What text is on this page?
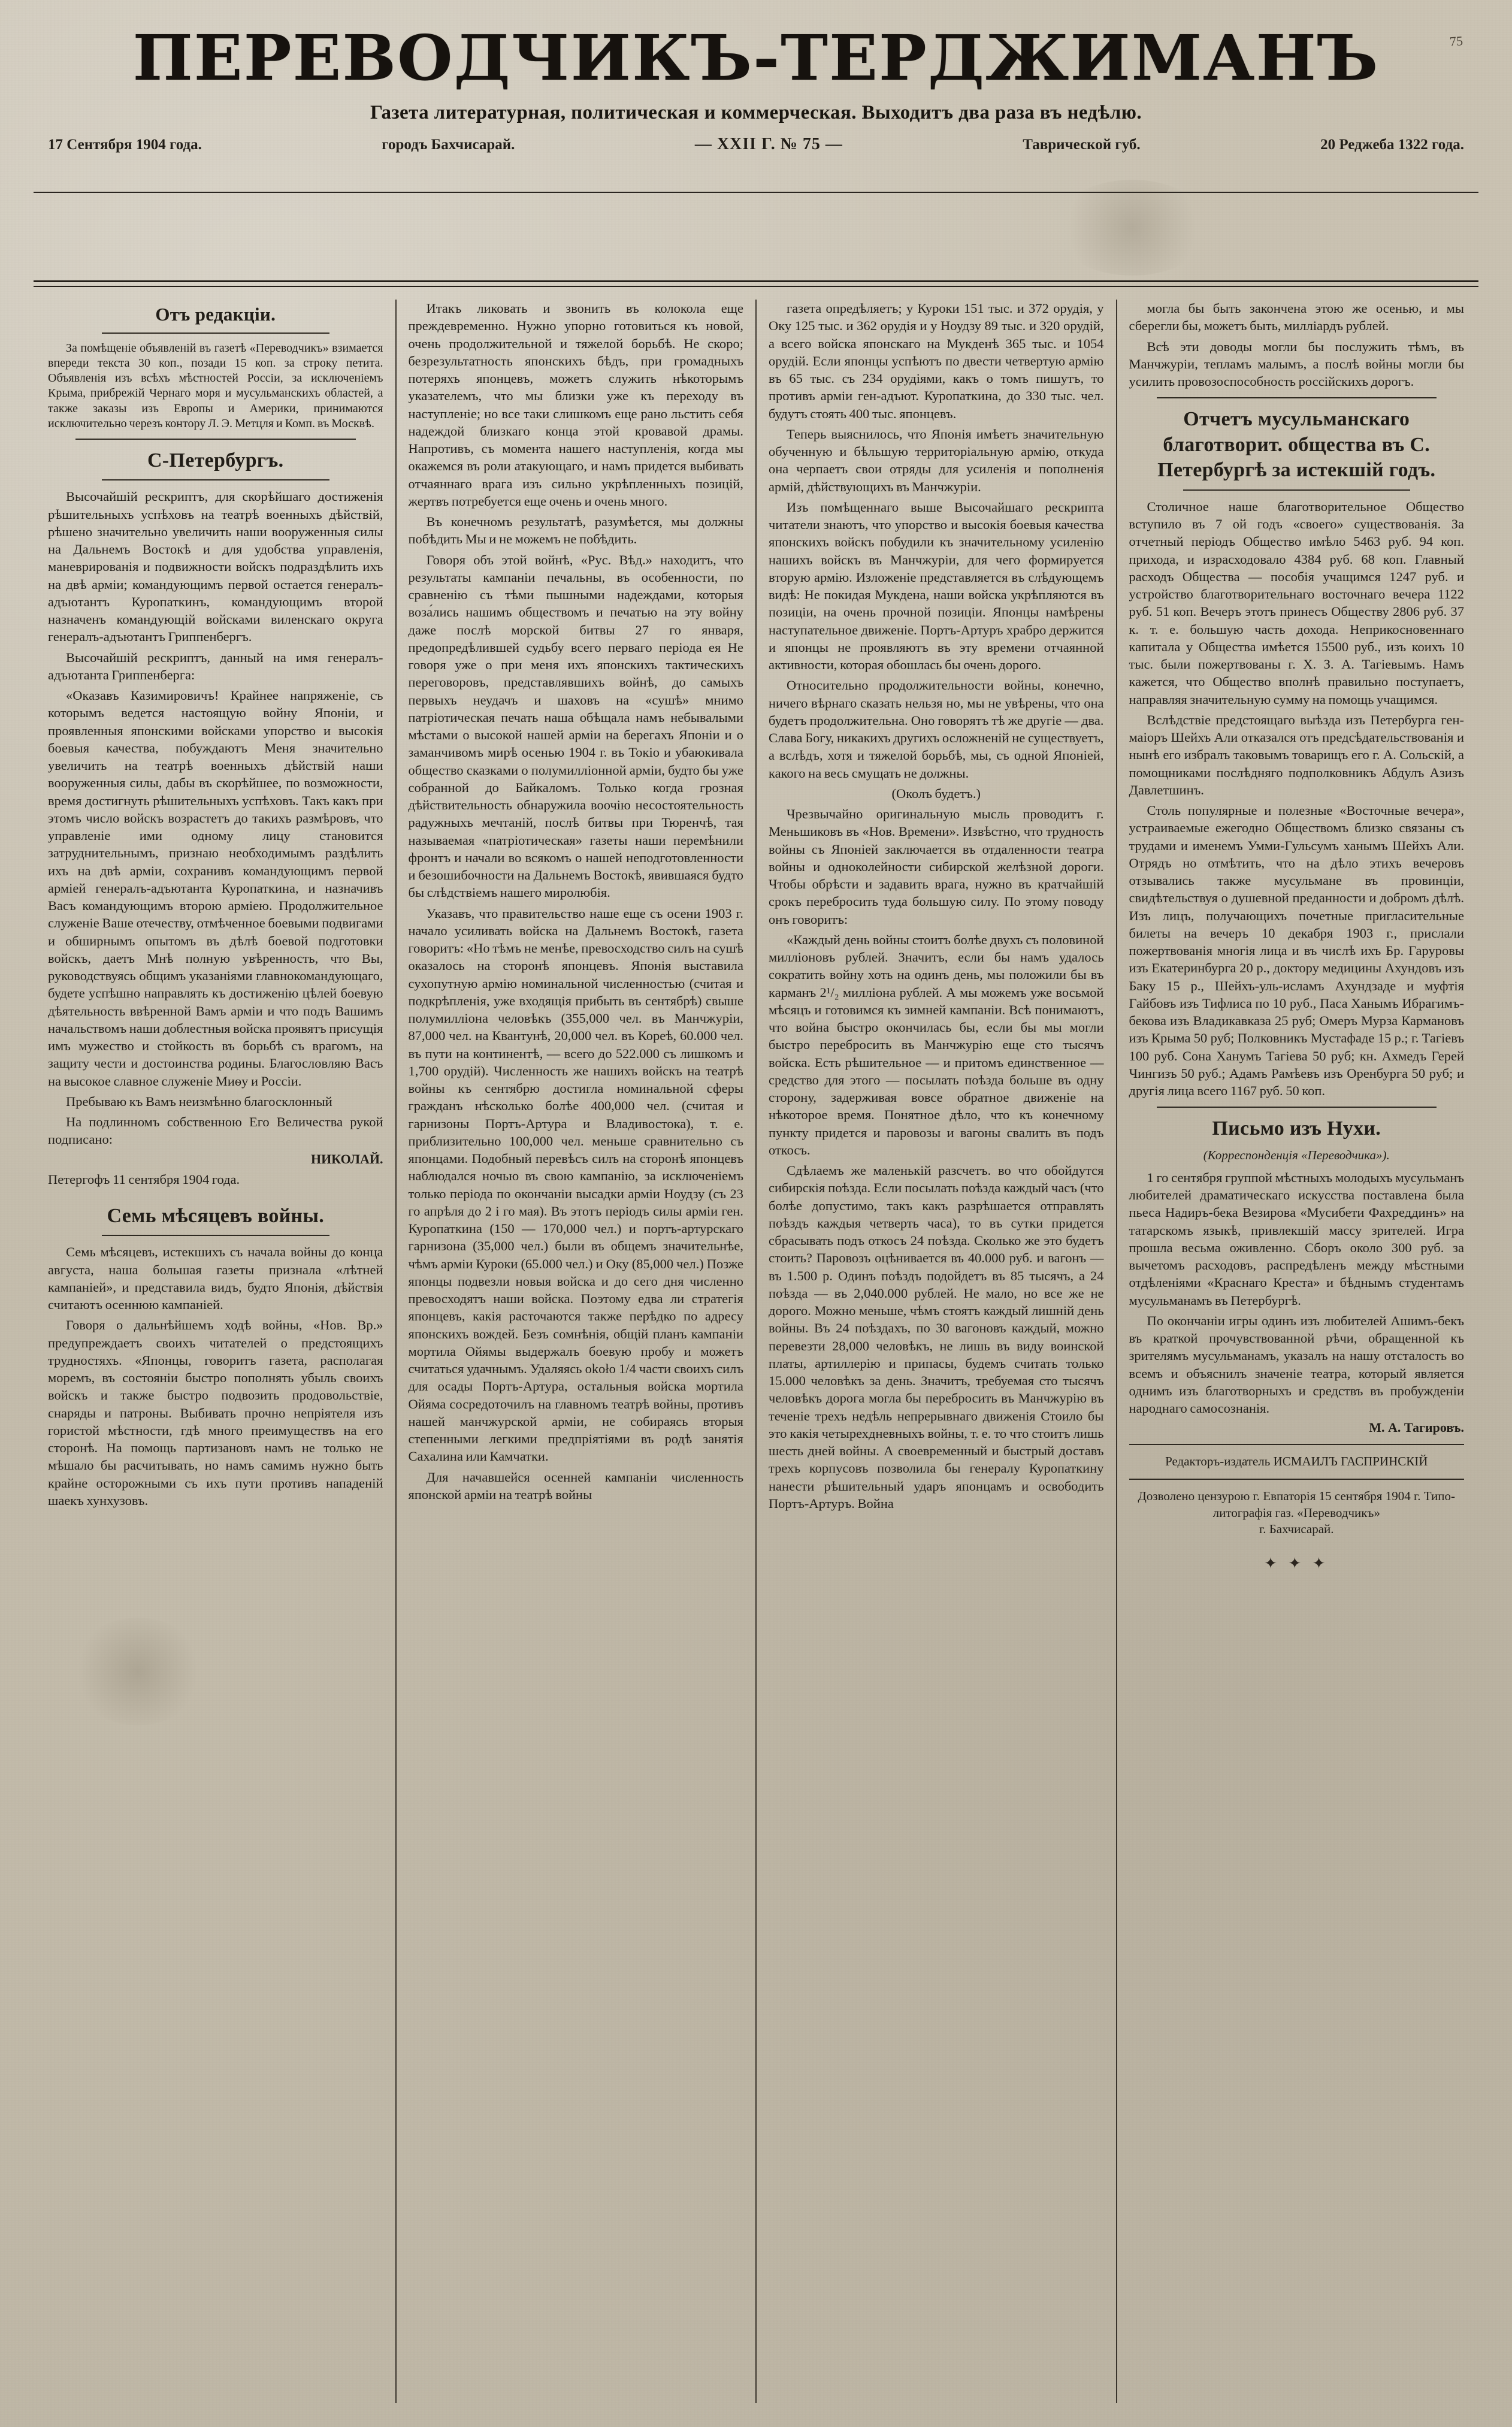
75
ПЕРЕВОДЧИКЪ-ТЕРДЖИМАНЪ
Газета литературная, политическая и коммерческая. Выходитъ два раза въ недѣлю.
17 Сентября 1904 года.	городъ Бахчисарай.	— ХХII Г. № 75 —	Таврической губ.	20 Реджеба 1322 года.
Отъ редакціи.

За помѣщеніе объявленій въ газетѣ «Переводчикъ» взимается впереди текста 30 коп., позади 15 коп. за строку петита. Объявленія изъ всѣхъ мѣстностей Россіи, за исключеніемъ Крыма, прибрежій Чернаго моря и мусульманскихъ областей, а также заказы изъ Европы и Америки, принимаются исключительно черезъ контору Л. Э. Метцля и Комп. въ Москвѣ.

С-Петербургъ.

Высочайшій рескриптъ, для скорѣйшаго достиженія рѣшительныхъ успѣховъ на театрѣ военныхъ дѣйствій, рѣшено значительно увеличить наши вооруженныя силы на Дальнемъ Востокѣ и для удобства управленія, маневрированія и подвижности войскъ подраздѣлить ихъ на двѣ арміи; командующимъ первой остается генералъ-адъютантъ Куропаткинъ, командующимъ второй назначенъ командующій войсками виленскаго округа генералъ-адъютантъ Гриппенбергъ.

Высочайшій рескриптъ, данный на имя генералъ-адъютанта Гриппенберга:

«Оказавъ Казимировичъ! Крайнее напряженіе, съ которымъ ведется настоящую войну Японіи, и проявленныя японскими войсками упорство и высокія боевыя качества, побуждаютъ Меня значительно увеличить на театрѣ военныхъ дѣйствій наши вооруженныя силы, дабы въ скорѣйшее, по возможности, время достигнуть рѣшительныхъ успѣховъ. Такъ какъ при этомъ число войскъ возрастетъ до такихъ размѣровъ, что управленіе ими одному лицу становится затруднительнымъ, признаю необходимымъ раздѣлить ихъ на двѣ арміи, сохранивъ командующимъ первой арміей генералъ-адъютанта Куропаткина, и назначивъ Васъ командующимъ второю арміею. Продолжительное служеніе Ваше отечеству, отмѣченное боевыми подвигами и обширнымъ опытомъ въ дѣлѣ боевой подготовки войскъ, даетъ Мнѣ полную увѣренность, что Вы, руководствуясь общимъ указаніями главнокомандующаго, будете успѣшно направлять къ достиженію цѣлей боевую дѣятельность ввѣренной Вамъ арміи и что подъ Вашимъ начальствомъ наши доблестныя войска проявятъ присущія имъ мужество и стойкость въ борьбѣ съ врагомъ, на защиту чести и достоинства родины. Благословляю Васъ на высокое славное служеніе Миѳу и Россіи.

Пребываю къ Вамъ неизмѣнно благосклонный

На подлинномъ собственною Его Величества рукой подписано:

НИКОЛАЙ.

Петергофъ 11 сентября 1904 года.

Семь мѣсяцевъ войны.

Семь мѣсяцевъ, истекшихъ съ начала войны до конца августа, наша большая газеты признала «лѣтней кампаніей», и представила видъ, будто Японія, дѣйствія считаютъ осеннюю кампаніей.

Говоря о дальнѣйшемъ ходѣ войны, «Нов. Вр.» предупреждаетъ своихъ читателей о предстоящихъ трудностяхъ. «Японцы, говоритъ газета, располагая моремъ, въ состояніи быстро пополнять убыль своихъ войскъ и также быстро подвозить продовольствіе, снаряды и патроны. Выбивать прочно непріятеля изъ гористой мѣстности, гдѣ много преимуществъ на его сторонѣ. На помощь партизановъ намъ не только не мѣшало бы расчитывать, но намъ самимъ нужно быть крайне осторожными съ ихъ пути противъ нападеній шаекъ хунхузовъ.

Итакъ ликовать и звонить въ колокола еще преждевременно. Нужно упорно готовиться къ новой, очень продолжительной и тяжелой борьбѣ. Не скоро; безрезультатность японскихъ бѣдъ, при громадныхъ потеряхъ японцевъ, можетъ служить нѣкоторымъ указателемъ, что мы близки уже къ переходу въ наступленіе; но все таки слишкомъ еще рано льстить себя надеждой близкаго конца этой кровавой драмы. Напротивъ, съ момента нашего наступленія, когда мы окажемся въ роли атакующаго, и намъ придется выбивать отчаяннаго врага изъ сильно укрѣпленныхъ позицій, жертвъ потребуется еще очень и очень много.

Въ конечномъ результатѣ, разумѣется, мы должны побѣдить Мы и не можемъ не побѣдить.

Говоря объ этой войнѣ, «Рус. Вѣд.» находитъ, что результаты кампаніи печальны, въ особенности, по сравненію съ тѣми пышными надеждами, которыя воза́лись нашимъ обществомъ и печатью на эту войну даже послѣ морской битвы 27 го января, предопредѣлившей судьбу всего перваго періода ея Не говоря уже о при меня ихъ японскихъ тактическихъ переговоровъ, представлявшихъ войнѣ, до самыхъ первыхъ неудачъ и шаховъ на «сушѣ» мнимо патріотическая печать наша обѣщала намъ небывалыми мѣстами о высокой нашей арміи на берегахъ Японіи и о заманчивомъ мирѣ осенью 1904 г. въ Токіо и убаюкивала общество сказками о полумилліонной арміи, будто бы уже собранной до Байкаломъ. Только когда грозная дѣйствительность обнаружила воочію несостоятельность радужныхъ мечтаній, послѣ битвы при Тюренчѣ, тая называемая «патріотическая» газеты наши перемѣнили фронтъ и начали во всякомъ о нашей неподготовленности и безошибочности на Дальнемъ Востокѣ, явившаяся будто бы слѣдствіемъ нашего миролюбія.

Указавъ, что правительство наше еще съ осени 1903 г. начало усиливать войска на Дальнемъ Востокѣ, газета говоритъ: «Но тѣмъ не менѣе, превосходство силъ на сушѣ оказалось на сторонѣ японцевъ. Японія выставила сухопутную армію номинальной численностью (считая и подкрѣпленія, уже входящія прибыть въ сентябрѣ) свыше полумилліона человѣкъ (355,000 чел. въ Манчжуріи, 87,000 чел. на Квантунѣ, 20,000 чел. въ Кореѣ, 60.000 чел. въ пути на континентѣ, — всего до 522.000 съ лишкомъ и 1,700 орудій). Численность же нашихъ войскъ на театрѣ войны къ сентябрю достигла номинальной сферы гражданъ нѣсколько болѣе 400,000 чел. (считая и гарнизоны Портъ-Артура и Владивостока), т. е. приблизительно 100,000 чел. меньше сравнительно съ японцами. Подобный перевѣсъ силъ на сторонѣ японцевъ наблюдался ночью въ свою кампанію, за исключеніемъ только періода по окончаніи высадки арміи Ноудзу (съ 23 го апрѣля до 2 і го мая). Въ этотъ періодъ силы арміи ген. Куропаткина (150 — 170,000 чел.) и портъ-артурскаго гарнизона (35,000 чел.) были въ общемъ значительнѣе, чѣмъ арміи Куроки (65.000 чел.) и Оку (85,000 чел.) Позже японцы подвезли новыя войска и до сего дня численно превосходятъ наши войска. Поэтому едва ли стратегія японцевъ, какія расточаются также перѣдко по адресу японскихъ вождей. Безъ сомнѣнія, общій планъ кампаніи мортила Ойямы выдержалъ боевую пробу и можетъ считаться удачнымъ. Удаляясь około 1/4 части своихъ силъ для осады Портъ-Артура, остальныя войска мортила Ойяма сосредоточилъ на главномъ театрѣ войны, противъ нашей манчжурской арміи, не собираясь вторыя степенными легкими предпріятіями въ родѣ занятія Сахалина или Камчатки.

Для начавшейся осенней кампаніи численность японской арміи на театрѣ войны

газета опредѣляетъ; у Куроки 151 тыс. и 372 орудія, у Оку 125 тыс. и 362 орудія и у Ноудзу 89 тыс. и 320 орудій, а всего войска японскаго на Мукденѣ 365 тыс. и 1054 орудій. Если японцы успѣютъ по двести четвертую армію въ 65 тыс. съ 234 орудіями, какъ о томъ пишутъ, то противъ арміи ген-адъют. Куропаткина, до 330 тыс. чел. будутъ стоять 400 тыс. японцевъ.

Теперь выяснилось, что Японія имѣетъ значительную обученную и бѣльшую территоріальную армію, откуда она черпаетъ свои отряды для усиленія и пополненія армій, дѣйствующихъ въ Манчжуріи.

Изъ помѣщеннаго выше Высочайшаго рескрипта читатели знаютъ, что упорство и высокія боевыя качества японскихъ войскъ побудили къ значительному усиленію нашихъ войскъ въ Манчжуріи, для чего формируется вторую армію. Изложеніе представляется въ слѣдующемъ видѣ: Не покидая Мукдена, наши войска укрѣпляются въ позиціи, на очень прочной позиціи. Японцы намѣрены наступательное движеніе. Портъ-Артуръ храбро держится и японцы не проявляютъ въ эту времени отчаянной активности, которая обошлась бы очень дорого.

Относительно продолжительности войны, конечно, ничего вѣрнаго сказать нельзя но, мы не увѣрены, что она будетъ продолжительна. Оно говорятъ тѣ же другіе — два. Слава Богу, никакихъ другихъ осложненій не существуетъ, а вслѣдъ, хотя и тяжелой борьбѣ, мы, съ одной Японіей, какого на весь смущать не должны.

(Околъ будетъ.)

Чрезвычайно оригинальную мысль проводитъ г. Меньшиковъ въ «Нов. Времени». Извѣстно, что трудность войны съ Японіей заключается въ отдаленности театра войны и одноколейности сибирской желѣзной дороги. Чтобы обрѣсти и задавить врага, нужно въ кратчайшій срокъ перебросить туда большую силу. По этому поводу онъ говоритъ:

«Каждый день войны стоитъ болѣе двухъ съ половиной милліоновъ рублей. Значитъ, если бы намъ удалось сократить войну хоть на одинъ день, мы положили бы въ карманъ 2¹/₂ милліона рублей. А мы можемъ уже восьмой мѣсяцъ и готовимся къ зимней кампаніи. Всѣ понимаютъ, что война быстро окончилась бы, если бы мы могли быстро перебросить въ Манчжурію еще сто тысячъ войска. Есть рѣшительное — и притомъ единственное — средство для этого — посылать поѣзда больше въ одну сторону, задерживая вовсе обратное движеніе на нѣкоторое время. Понятное дѣло, что къ конечному пункту придется и паровозы и вагоны свалить въ подъ откосъ.

Сдѣлаемъ же маленькій разсчетъ. во что обойдутся сибирскія поѣзда. Если посылать поѣзда каждый часъ (что болѣе допустимо, такъ какъ разрѣшается отправлять поѣздъ каждыя четверть часа), то въ сутки придется сбрасывать подъ откосъ 24 поѣзда. Сколько же это будетъ стоить? Паровозъ оцѣнивается въ 40.000 руб. и вагонъ — въ 1.500 р. Одинъ поѣздъ подойдетъ въ 85 тысячъ, а 24 поѣзда — въ 2,040.000 рублей. Не мало, но все же не дорого. Можно меньше, чѣмъ стоятъ каждый лишній день войны. Въ 24 поѣздахъ, по 30 вагоновъ каждый, можно перевезти 28,000 человѣкъ, не лишь въ виду воинской платы, артиллерію и припасы, будемъ считать только 15.000 человѣкъ за день. Значитъ, требуемая сто тысячъ человѣкъ дорога могла бы перебросить въ Манчжурію въ теченіе трехъ недѣль непрерывнаго движенія Стоило бы это какія четырехдневныхъ войны, т. е. то что стоитъ лишь шесть дней войны. А своевременный и быстрый доставъ трехъ корпусовъ позволила бы генералу Куропаткину нанести рѣшительный ударъ японцамъ и освободить Портъ-Артуръ. Война

могла бы быть закончена этою же осенью, и мы сберегли бы, можетъ быть, милліардъ рублей.

Всѣ эти доводы могли бы послужить тѣмъ, въ Манчжуріи, тепламъ малымъ, а послѣ войны могли бы усилить провозоспособность россійскихъ дорогъ.

Отчетъ мусульманскаго благотворит. общества въ С. Петербургѣ за истекшій годъ.

Столичное наше благотворительное Общество вступило въ 7 ой годъ «своего» существованія. За отчетный періодъ Общество имѣло 5463 руб. 94 коп. прихода, и израсходовало 4384 руб. 68 коп. Главный расходъ Общества — пособія учащимся 1247 руб. и устройство благотворительнаго восточнаго вечера 1122 руб. 51 коп. Вечеръ этотъ принесъ Обществу 2806 руб. 37 к. т. е. большую часть дохода. Неприкосновеннаго капитала у Общества имѣется 15500 руб., изъ коихъ 10 тыс. были пожертвованы г. Х. З. А. Тагіевымъ. Намъ кажется, что Общество вполнѣ правильно поступаетъ, направляя значительную сумму на помощь учащимся.

Вслѣдствіе предстоящаго выѣзда изъ Петербурга ген-маіоръ Шейхъ Али отказался отъ предсѣдательствованія и нынѣ его избралъ таковымъ товарищъ его г. А. Сольскій, а помощниками послѣдняго подполковникъ Абдулъ Азизъ Давлетшинъ.

Столь популярные и полезные «Восточные вечера», устраиваемые ежегодно Обществомъ близко связаны съ трудами и именемъ Умми-Гульсумъ ханымъ Шейхъ Али. Отрядъ но отмѣтить, что на дѣло этихъ вечеровъ отзывались также мусульмане въ провинціи, свидѣтельствуя о душевной преданности и добромъ дѣлѣ. Изъ лицъ, получающихъ почетные пригласительные билеты на вечеръ 10 декабря 1903 г., прислали пожертвованія многія лица и въ числѣ ихъ Бр. Гаруровы изъ Екатеринбурга 20 р., доктору медицины Ахундовъ изъ Баку 15 р., Шейхъ-уль-исламъ Ахундзаде и муфтія Гайбовъ изъ Тифлиса по 10 руб., Паса Ханымъ Ибрагимъ-бекова изъ Владикавказа 25 руб; Омеръ Мурза Кармановъ изъ Крыма 50 руб; Полковникъ Мустафаде 15 р.; г. Тагіевъ 100 руб. Сона Ханумъ Тагіева 50 руб; кн. Ахмедъ Герей Чингизъ 50 руб.; Адамъ Рамѣевъ изъ Оренбурга 50 руб; и другія лица всего 1167 руб. 50 коп.

Письмо изъ Нухи.
(Корреспонденція «Переводчика»).

1 го сентября группой мѣстныхъ молодыхъ мусульманъ любителей драматическаго искусства поставлена была пьеса Надиръ-бека Везирова «Мусибети Фахреддинъ» на татарскомъ языкѣ, привлекшій массу зрителей. Игра прошла весьма оживленно. Сборъ около 300 руб. за вычетомъ расходовъ, распредѣленъ между мѣстными отдѣленіями «Краснаго Креста» и бѣднымъ студентамъ мусульманамъ въ Петербургѣ.

По окончаніи игры одинъ изъ любителей Ашимъ-бекъ въ краткой прочувствованной рѣчи, обращенной къ зрителямъ мусульманамъ, указалъ на нашу отсталость во всемъ и объяснилъ значеніе театра, который является однимъ изъ благотворныхъ и средствъ въ пробужденіи народнаго самосознанія.

М. А. Тагировъ.

Редакторъ-издатель ИСМАИЛЪ ГАСПРИНСКІЙ
Дозволено цензурою г. Евпаторія 15 сентября 1904 г. Типо-литографія газ. «Переводчикъ»
г. Бахчисарай.
✦ ✦ ✦
